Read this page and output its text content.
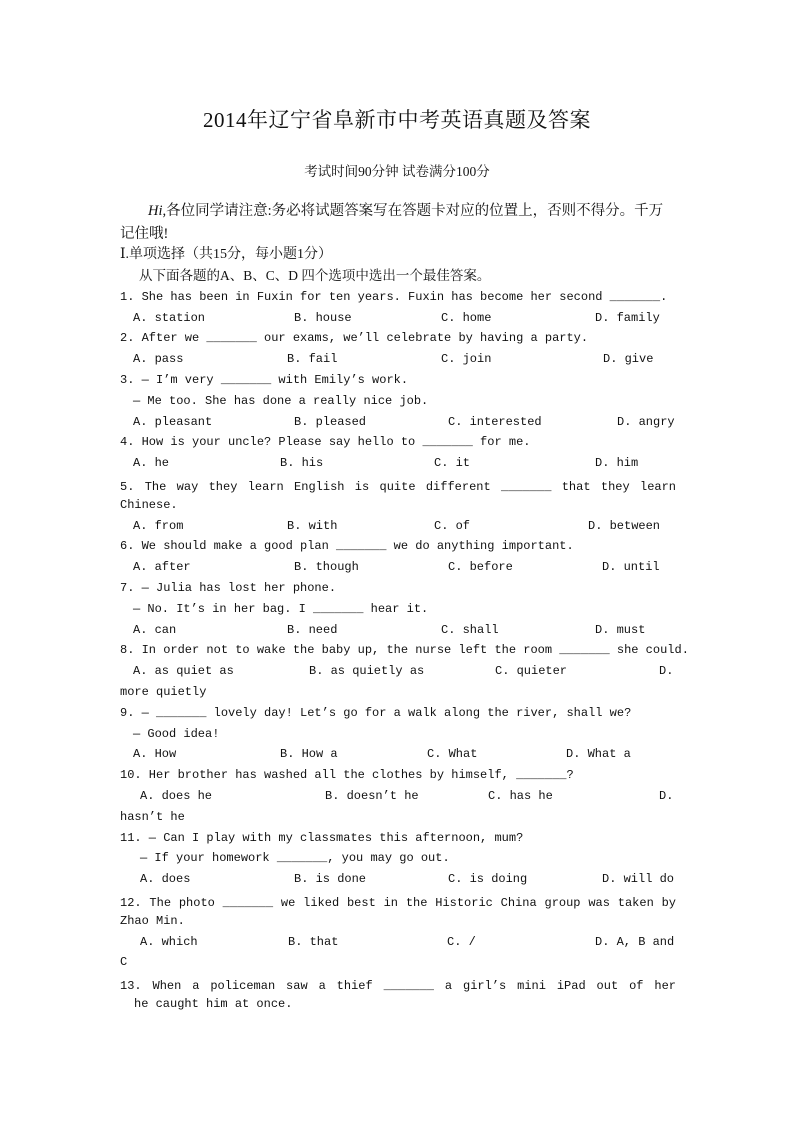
2014年辽宁省阜新市中考英语真题及答案
考试时间90分钟 试卷满分100分
Hi,各位同学请注意:务必将试题答案写在答题卡对应的位置上，否则不得分。千万记住哦!
Ⅰ.单项选择（共15分，每小题1分）
从下面各题的A、B、C、D 四个选项中选出一个最佳答案。
1. She has been in Fuxin for ten years. Fuxin has become her second _______.
A. station	B. house	C. home	D. family
2. After we _______ our exams, we’ll celebrate by having a party.
A. pass	B. fail	C. join	D. give
3. — I’m very _______ with Emily’s work.
— Me too. She has done a really nice job.
A. pleasant	B. pleased	C. interested	D. angry
4. How is your uncle? Please say hello to _______ for me.
A. he	B. his	C. it	D. him
5. The way they learn English is quite different _______ that they learn
Chinese.
A. from	B. with	C. of	D. between
6. We should make a good plan _______ we do anything important.
A. after	B. though	C. before	D. until
7. — Julia has lost her phone.
— No. It’s in her bag. I _______ hear it.
A. can	B. need	C. shall	D. must
8. In order not to wake the baby up, the nurse left the room _______ she could.
A. as quiet as	B. as quietly as	C. quieter	D.
more quietly
9. — _______ lovely day! Let’s go for a walk along the river, shall we?
— Good idea!
A. How	B. How a	C. What	D. What a
10. Her brother has washed all the clothes by himself, _______?
A. does he	B. doesn’t he	C. has he	D.
hasn’t he
11. — Can I play with my classmates this afternoon, mum?
— If your homework _______, you may go out.
A. does	B. is done	C. is doing	D. will do
12. The photo _______ we liked best in the Historic China group was taken by
Zhao Min.
A. which	B. that	C. /	D. A, B and
C
13. When a policeman saw a thief _______ a girl’s mini iPad out of her
he caught him at once.
